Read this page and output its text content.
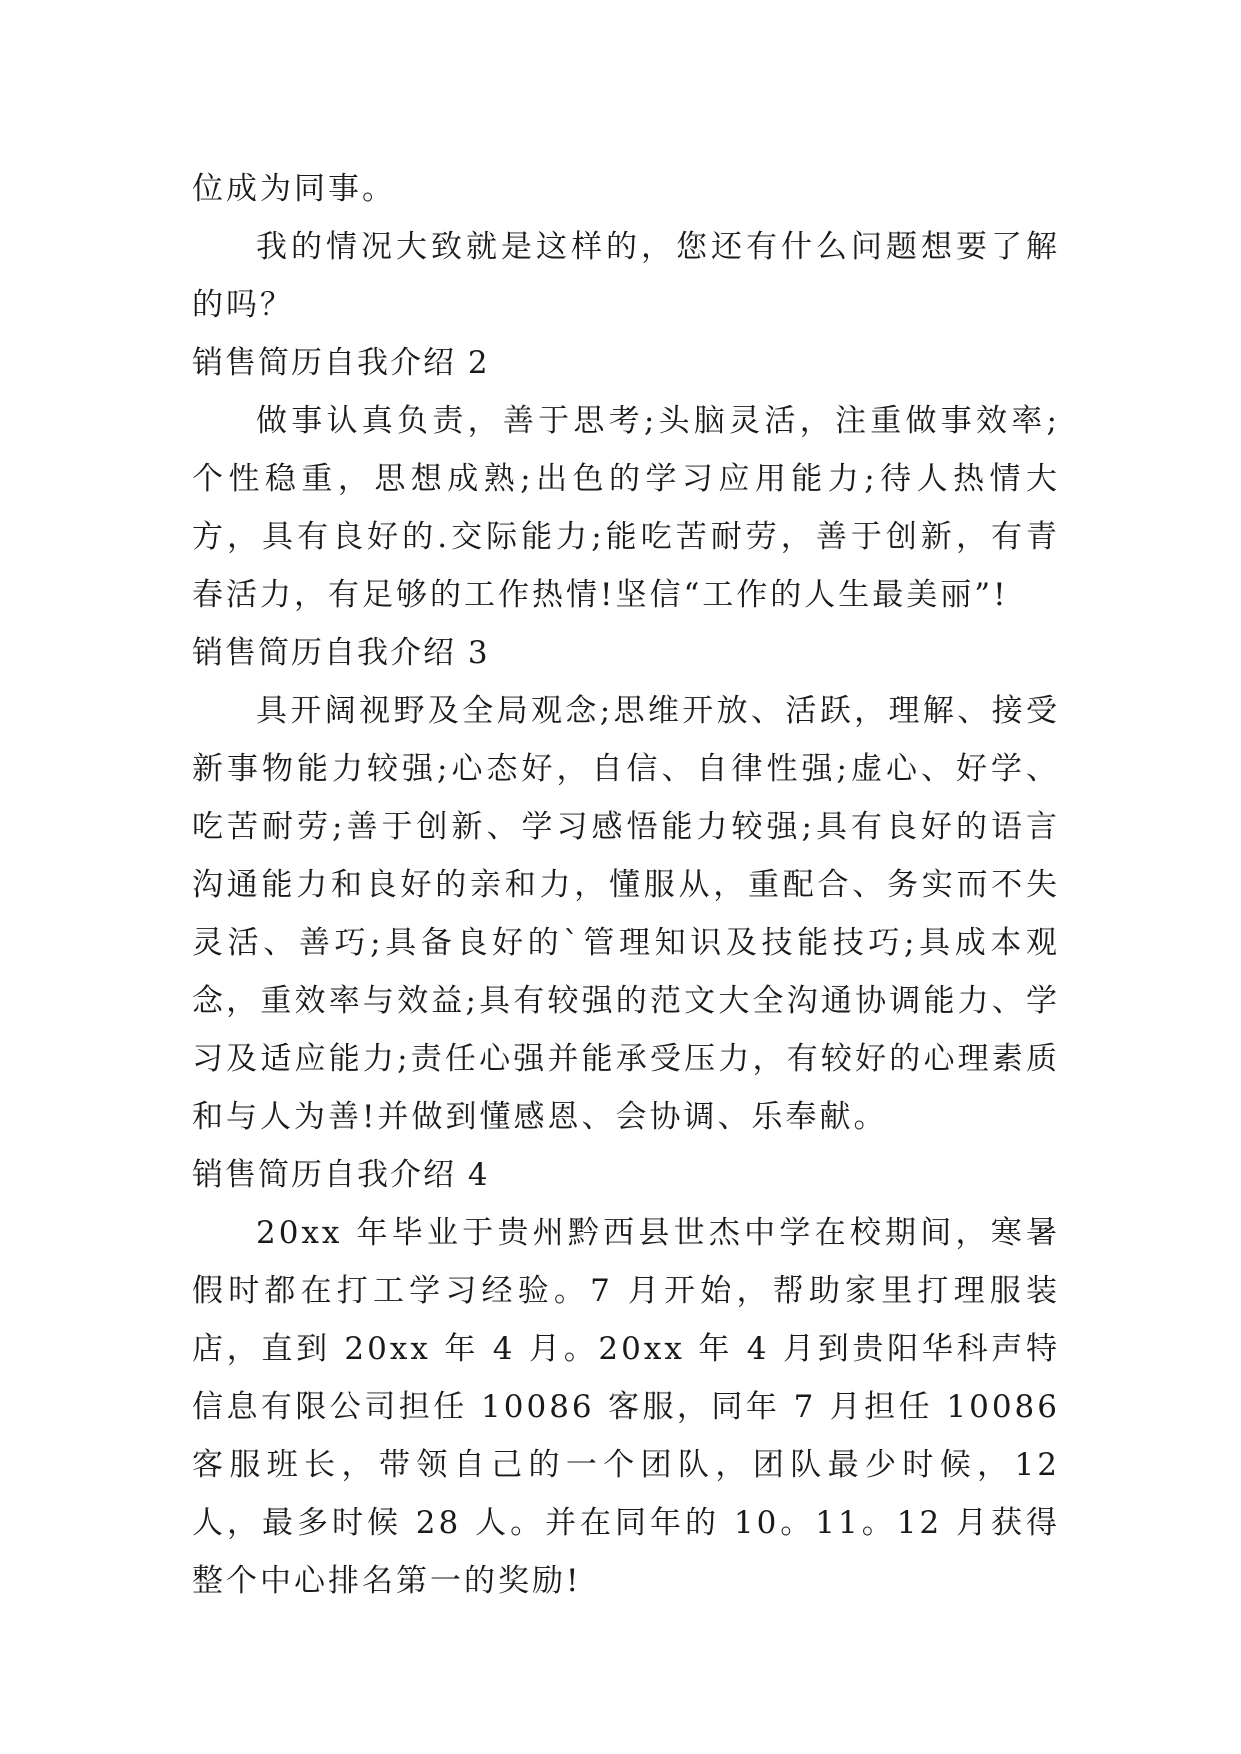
位成为同事。

我的情况大致就是这样的，您还有什么问题想要了解的吗？

销售简历自我介绍 2

做事认真负责，善于思考;头脑灵活，注重做事效率;个性稳重，思想成熟;出色的学习应用能力;待人热情大方，具有良好的.交际能力;能吃苦耐劳，善于创新，有青春活力，有足够的工作热情!坚信“工作的人生最美丽”!

销售简历自我介绍 3

具开阔视野及全局观念;思维开放、活跃，理解、接受新事物能力较强;心态好，自信、自律性强;虚心、好学、吃苦耐劳;善于创新、学习感悟能力较强;具有良好的语言沟通能力和良好的亲和力，懂服从，重配合、务实而不失灵活、善巧;具备良好的`管理知识及技能技巧;具成本观念，重效率与效益;具有较强的范文大全沟通协调能力、学习及适应能力;责任心强并能承受压力，有较好的心理素质和与人为善!并做到懂感恩、会协调、乐奉献。

销售简历自我介绍 4

20xx 年毕业于贵州黔西县世杰中学在校期间，寒暑假时都在打工学习经验。7 月开始，帮助家里打理服装店，直到 20xx 年 4 月。20xx 年 4 月到贵阳华科声特信息有限公司担任 10086 客服，同年 7 月担任 10086 客服班长，带领自己的一个团队，团队最少时候，12 人，最多时候 28 人。并在同年的 10。11。12 月获得整个中心排名第一的奖励!
